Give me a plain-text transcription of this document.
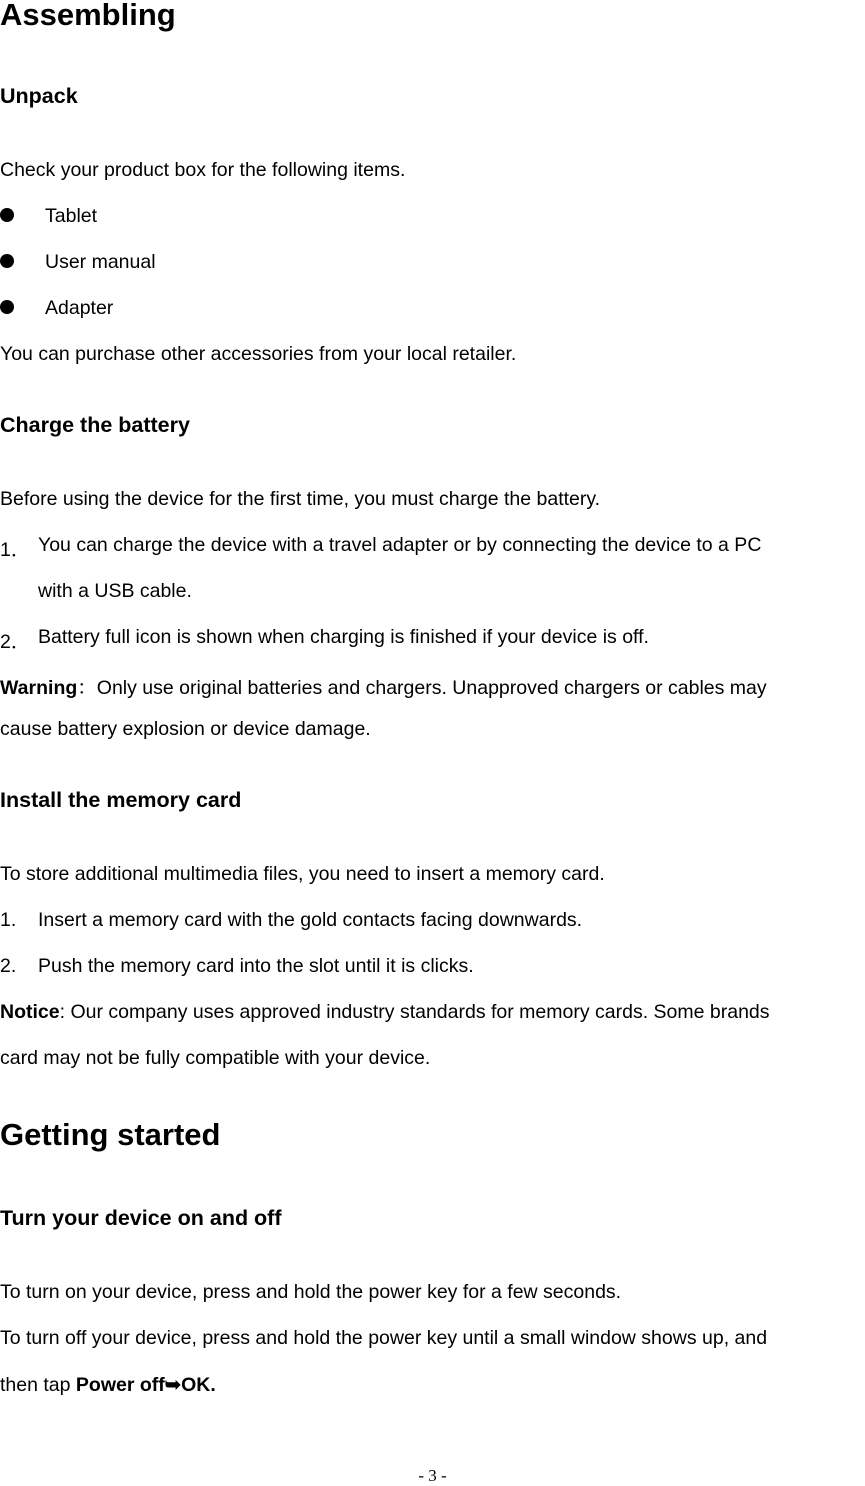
Assembling
Unpack

Check your product box for the following items.

Tablet

User manual

Adapter

You can purchase other accessories from your local retailer.

Charge the battery

Before using the device for the first time, you must charge the battery.

1． You can charge the device with a travel adapter or by connecting the device to a PC

with a USB cable.

2． Battery full icon is shown when charging is finished if your device is off.

Warning：Only use original batteries and chargers. Unapproved chargers or cables may

cause battery explosion or device damage.

Install the memory card

To store additional multimedia files, you need to insert a memory card.

1. Insert a memory card with the gold contacts facing downwards.

2. Push the memory card into the slot until it is clicks.

Notice: Our company uses approved industry standards for memory cards. Some brands

card may not be fully compatible with your device.

Getting started
Turn your device on and off

To turn on your device, press and hold the power key for a few seconds.

To turn off your device, press and hold the power key until a small window shows up, and

then tap Power off➥OK.

- 3 -
